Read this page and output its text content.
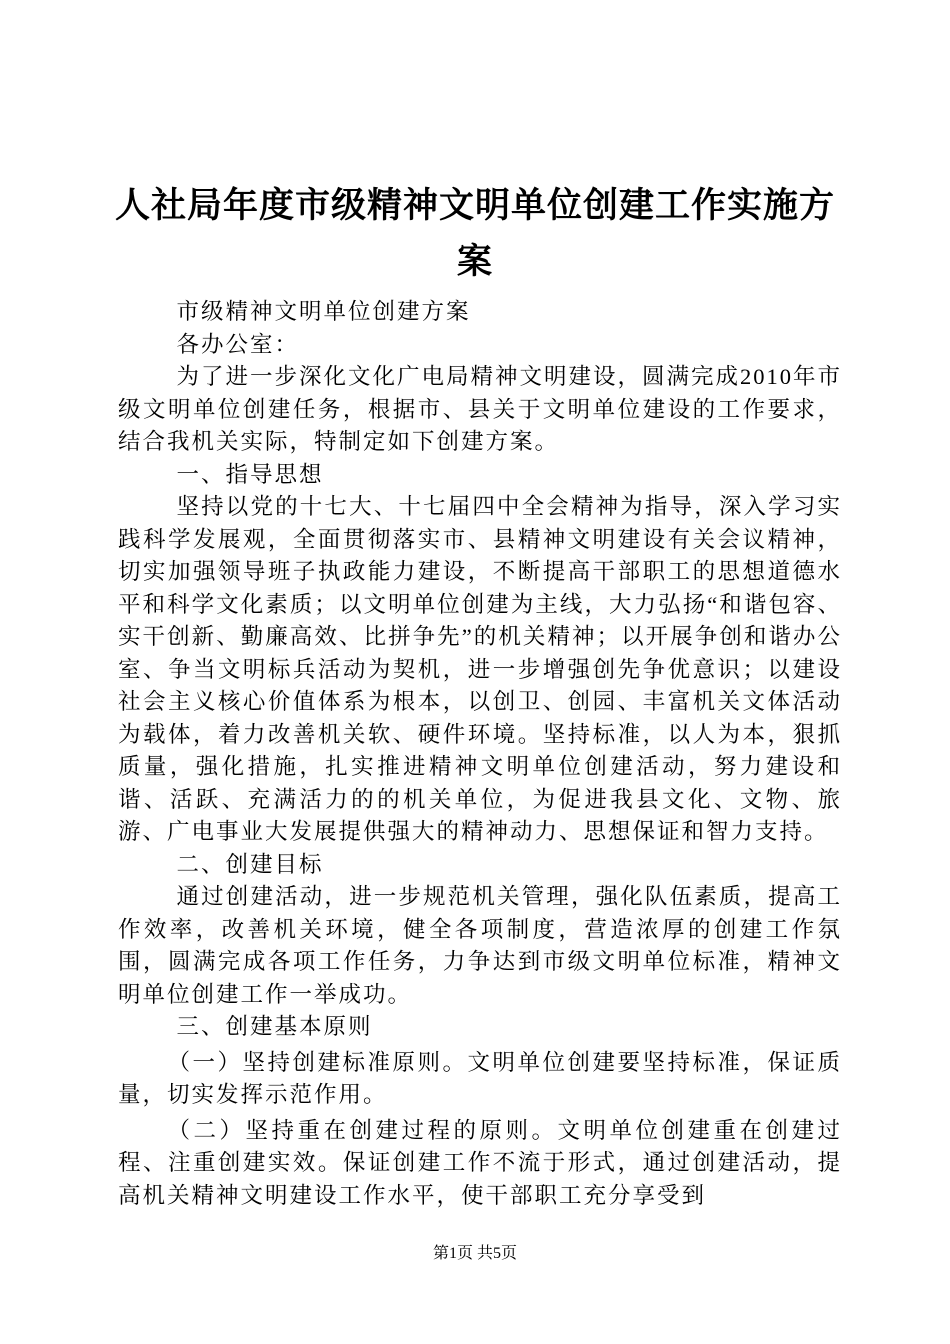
人社局年度市级精神文明单位创建工作实施方
案

市级精神文明单位创建方案

各办公室：

为了进一步深化文化广电局精神文明建设，圆满完成2010年市级文明单位创建任务，根据市、县关于文明单位建设的工作要求，结合我机关实际，特制定如下创建方案。

一、指导思想

坚持以党的十七大、十七届四中全会精神为指导，深入学习实践科学发展观，全面贯彻落实市、县精神文明建设有关会议精神，切实加强领导班子执政能力建设，不断提高干部职工的思想道德水平和科学文化素质；以文明单位创建为主线，大力弘扬“和谐包容、实干创新、勤廉高效、比拼争先”的机关精神；以开展争创和谐办公室、争当文明标兵活动为契机，进一步增强创先争优意识；以建设社会主义核心价值体系为根本，以创卫、创园、丰富机关文体活动为载体，着力改善机关软、硬件环境。坚持标准，以人为本，狠抓质量，强化措施，扎实推进精神文明单位创建活动，努力建设和谐、活跃、充满活力的的机关单位，为促进我县文化、文物、旅游、广电事业大发展提供强大的精神动力、思想保证和智力支持。

二、创建目标

通过创建活动，进一步规范机关管理，强化队伍素质，提高工作效率，改善机关环境，健全各项制度，营造浓厚的创建工作氛围，圆满完成各项工作任务，力争达到市级文明单位标准，精神文明单位创建工作一举成功。

三、创建基本原则

（一）坚持创建标准原则。文明单位创建要坚持标准，保证质量，切实发挥示范作用。

（二）坚持重在创建过程的原则。文明单位创建重在创建过程、注重创建实效。保证创建工作不流于形式，通过创建活动，提高机关精神文明建设工作水平，使干部职工充分享受到

第1页 共5页
